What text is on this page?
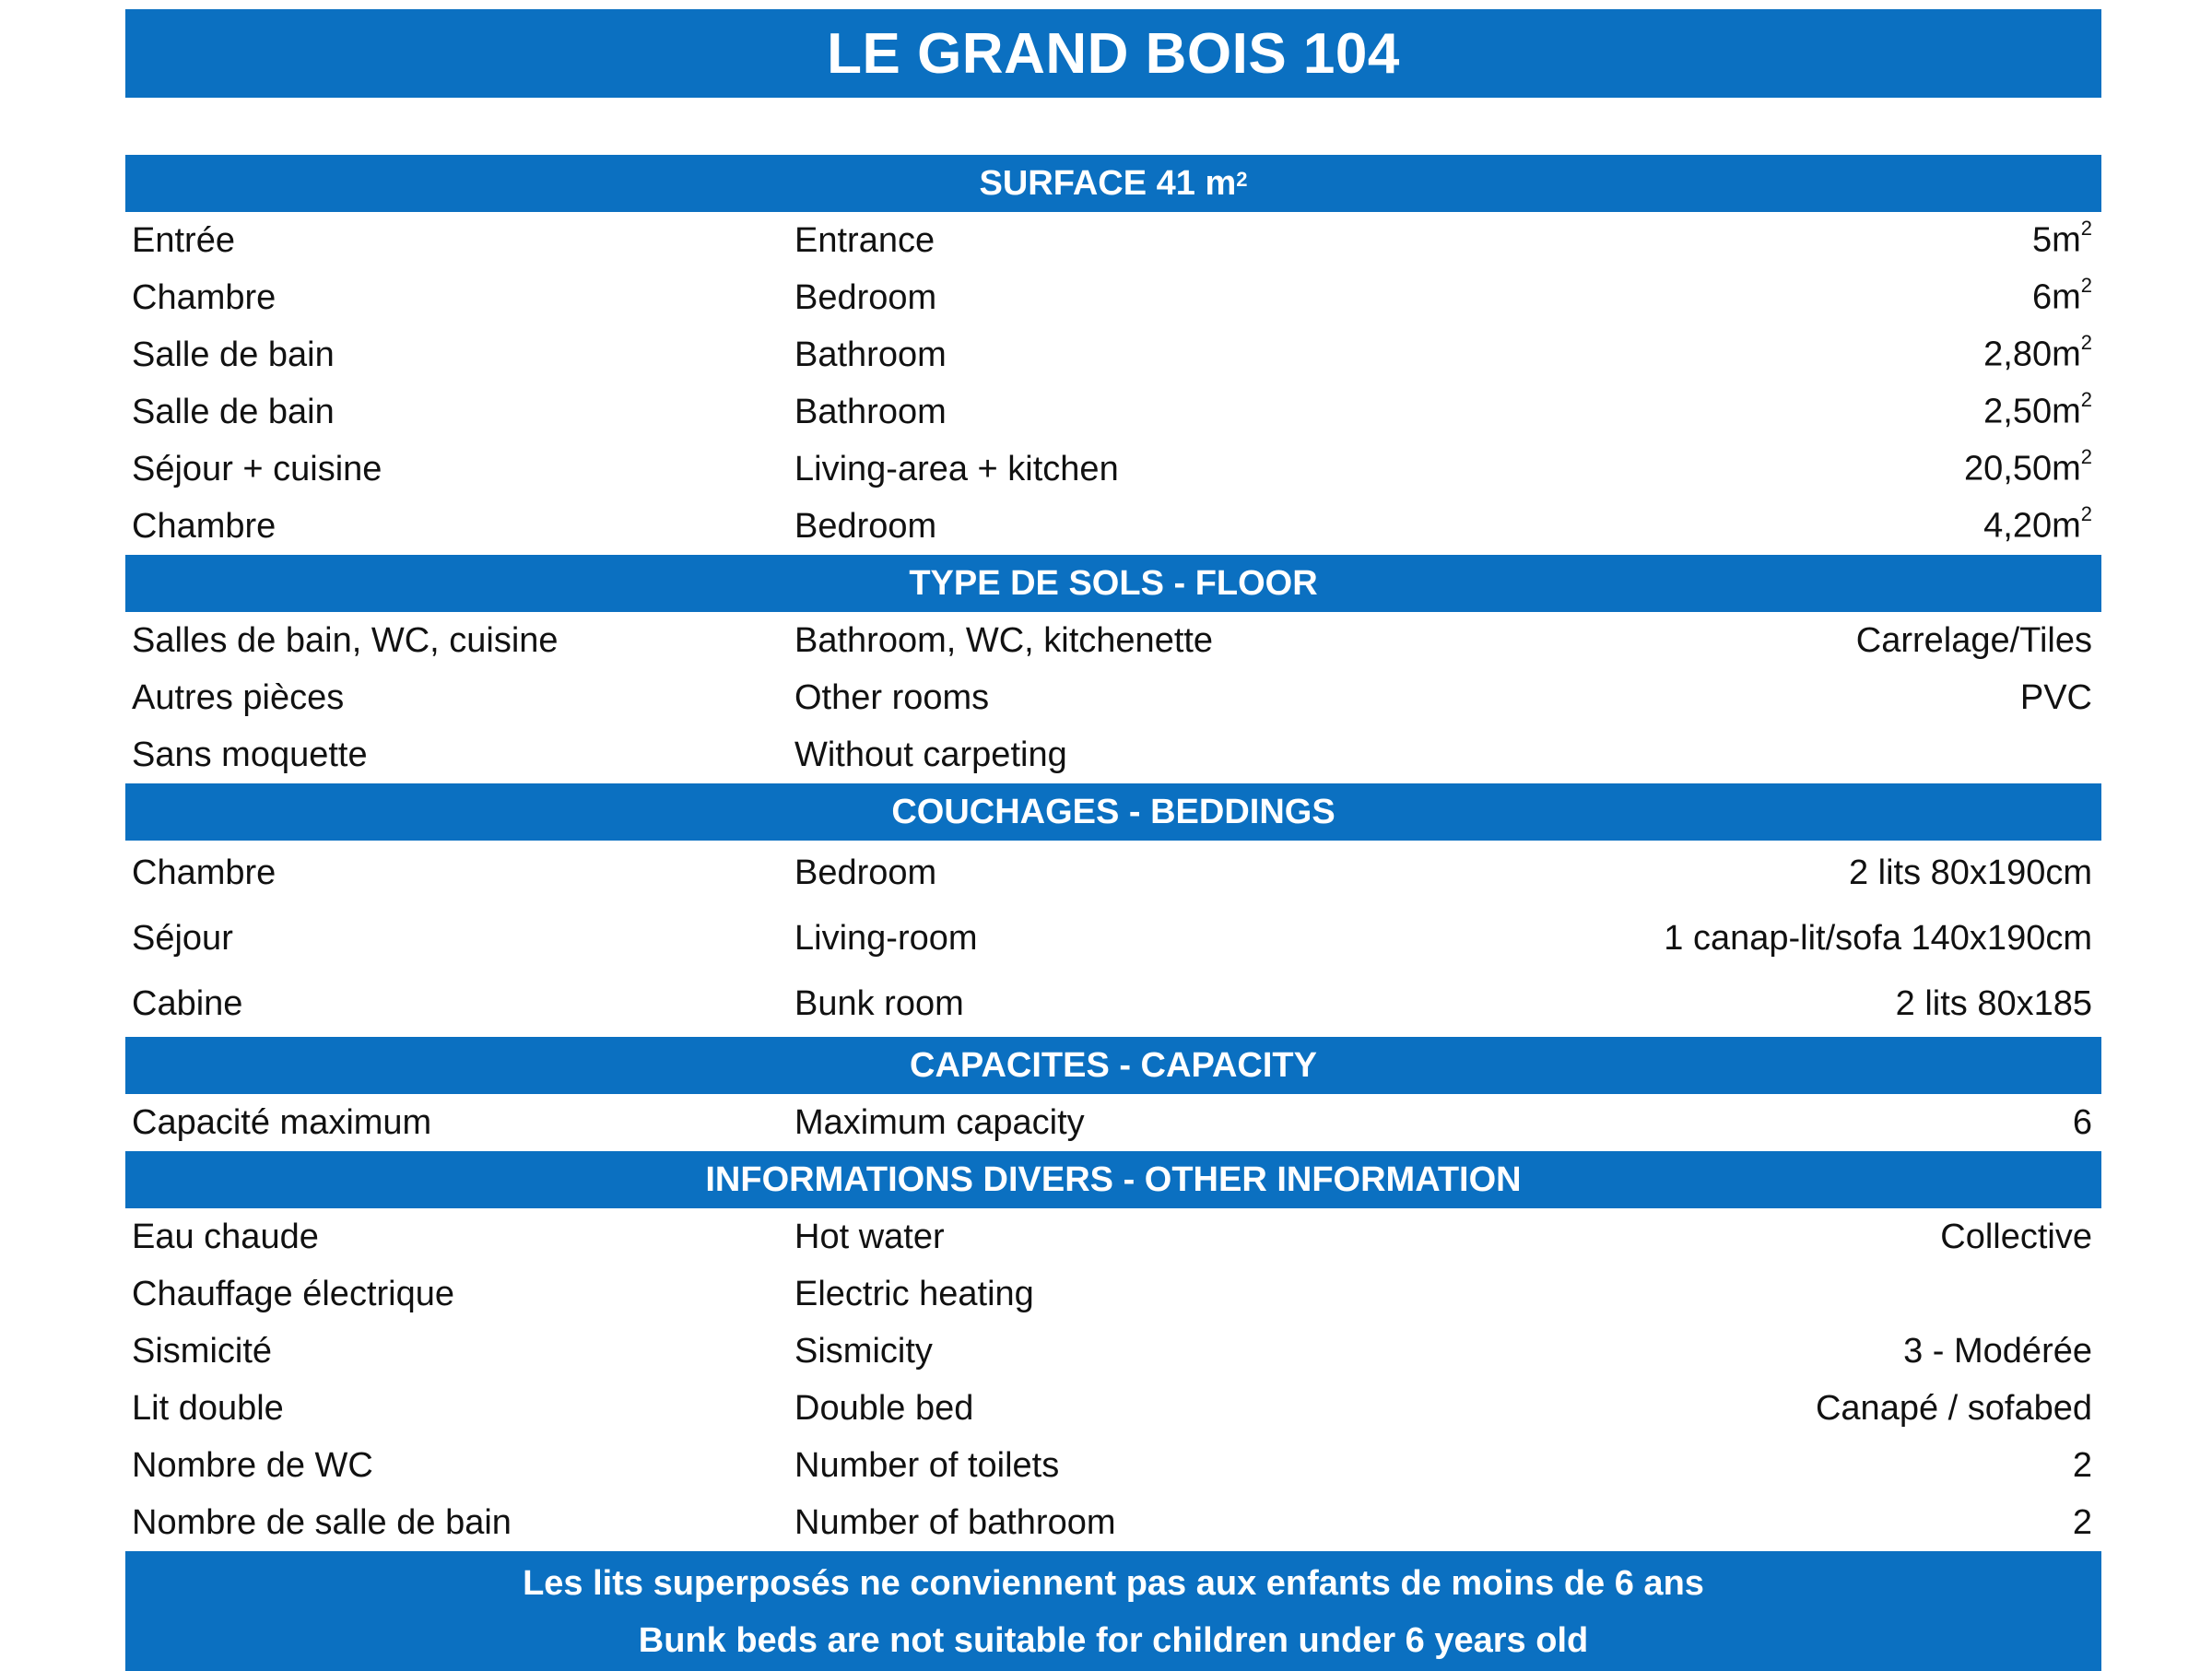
LE GRAND BOIS 104
SURFACE 41 $m^2$
Entrée	Entrance	$5m^2$
Chambre	Bedroom	$6m^2$
Salle de bain	Bathroom	$2,80m^2$
Salle de bain	Bathroom	$2,50m^2$
Séjour + cuisine	Living-area + kitchen	$20,50m^2$
Chambre	Bedroom	$4,20m^2$
TYPE DE SOLS - FLOOR
Salles de bain, WC, cuisine	Bathroom, WC, kitchenette	Carrelage/Tiles
Autres pièces	Other rooms	PVC
Sans moquette	Without carpeting
COUCHAGES - BEDDINGS
Chambre	Bedroom	2 lits 80x190cm
Séjour	Living-room	1 canap-lit/sofa 140x190cm
Cabine	Bunk room	2 lits 80x185
CAPACITES - CAPACITY
Capacité maximum	Maximum capacity	6
INFORMATIONS DIVERS - OTHER INFORMATION
Eau chaude	Hot water	Collective
Chauffage électrique	Electric heating
Sismicité	Sismicity	3 - Modérée
Lit double	Double bed	Canapé / sofabed
Nombre de WC	Number of toilets	2
Nombre de salle de bain	Number of bathroom	2
Les lits superposés ne conviennent pas aux enfants de moins de 6 ans
Bunk beds are not suitable for children under 6 years old
